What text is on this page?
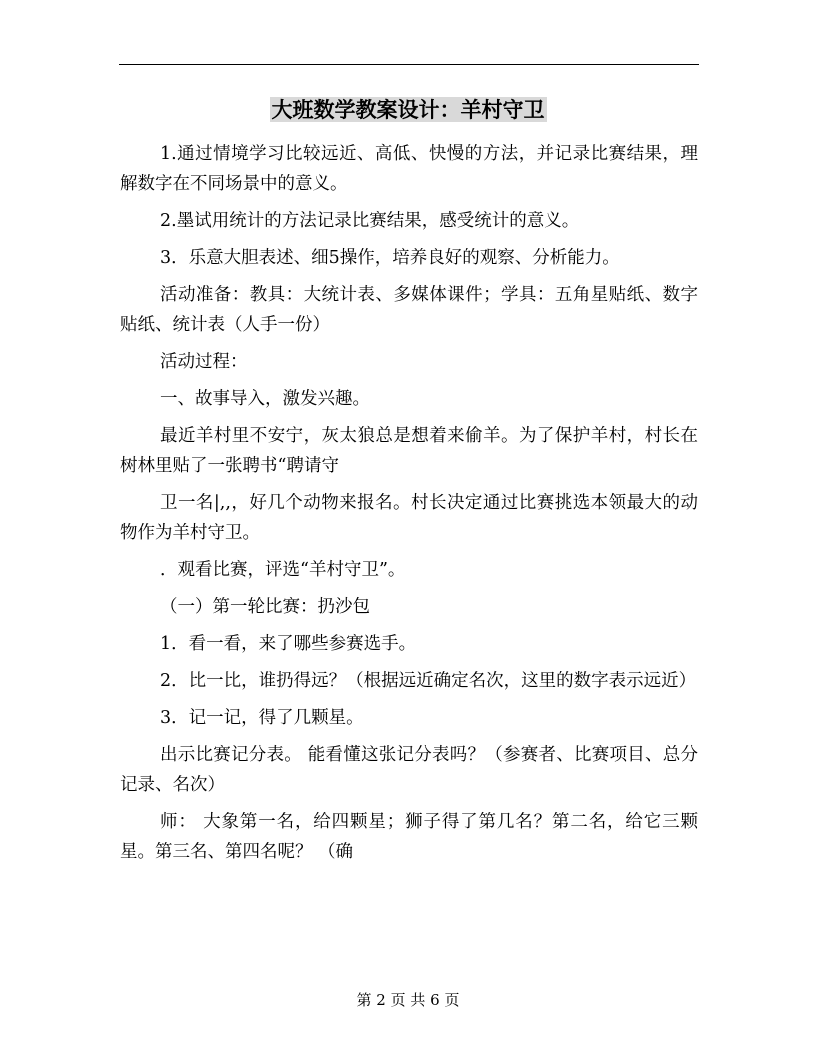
大班数学教案设计：羊村守卫

1.通过情境学习比较远近、高低、快慢的方法，并记录比赛结果，理解数字在不同场景中的意义。

2.墨试用统计的方法记录比赛结果，感受统计的意义。

3．乐意大胆表述、细5操作，培养良好的观察、分析能力。

活动准备：教具：大统计表、多媒体课件；学具：五角星贴纸、数字贴纸、统计表（人手一份）

活动过程：

一、故事导入，激发兴趣。

最近羊村里不安宁，灰太狼总是想着来偷羊。为了保护羊村，村长在树林里贴了一张聘书“聘请守

卫一名|,,，好几个动物来报名。村长决定通过比赛挑选本领最大的动物作为羊村守卫。

．观看比赛，评选“羊村守卫”。

（一）第一轮比赛：扔沙包

1．看一看，来了哪些参赛选手。

2．比一比，谁扔得远？（根据远近确定名次，这里的数字表示远近）

3．记一记，得了几颗星。

出示比赛记分表。 能看懂这张记分表吗？（参赛者、比赛项目、总分记录、名次）

师： 大象第一名，给四颗星；狮子得了第几名？第二名，给它三颗星。第三名、第四名呢？ （确

第 2 页 共 6 页
